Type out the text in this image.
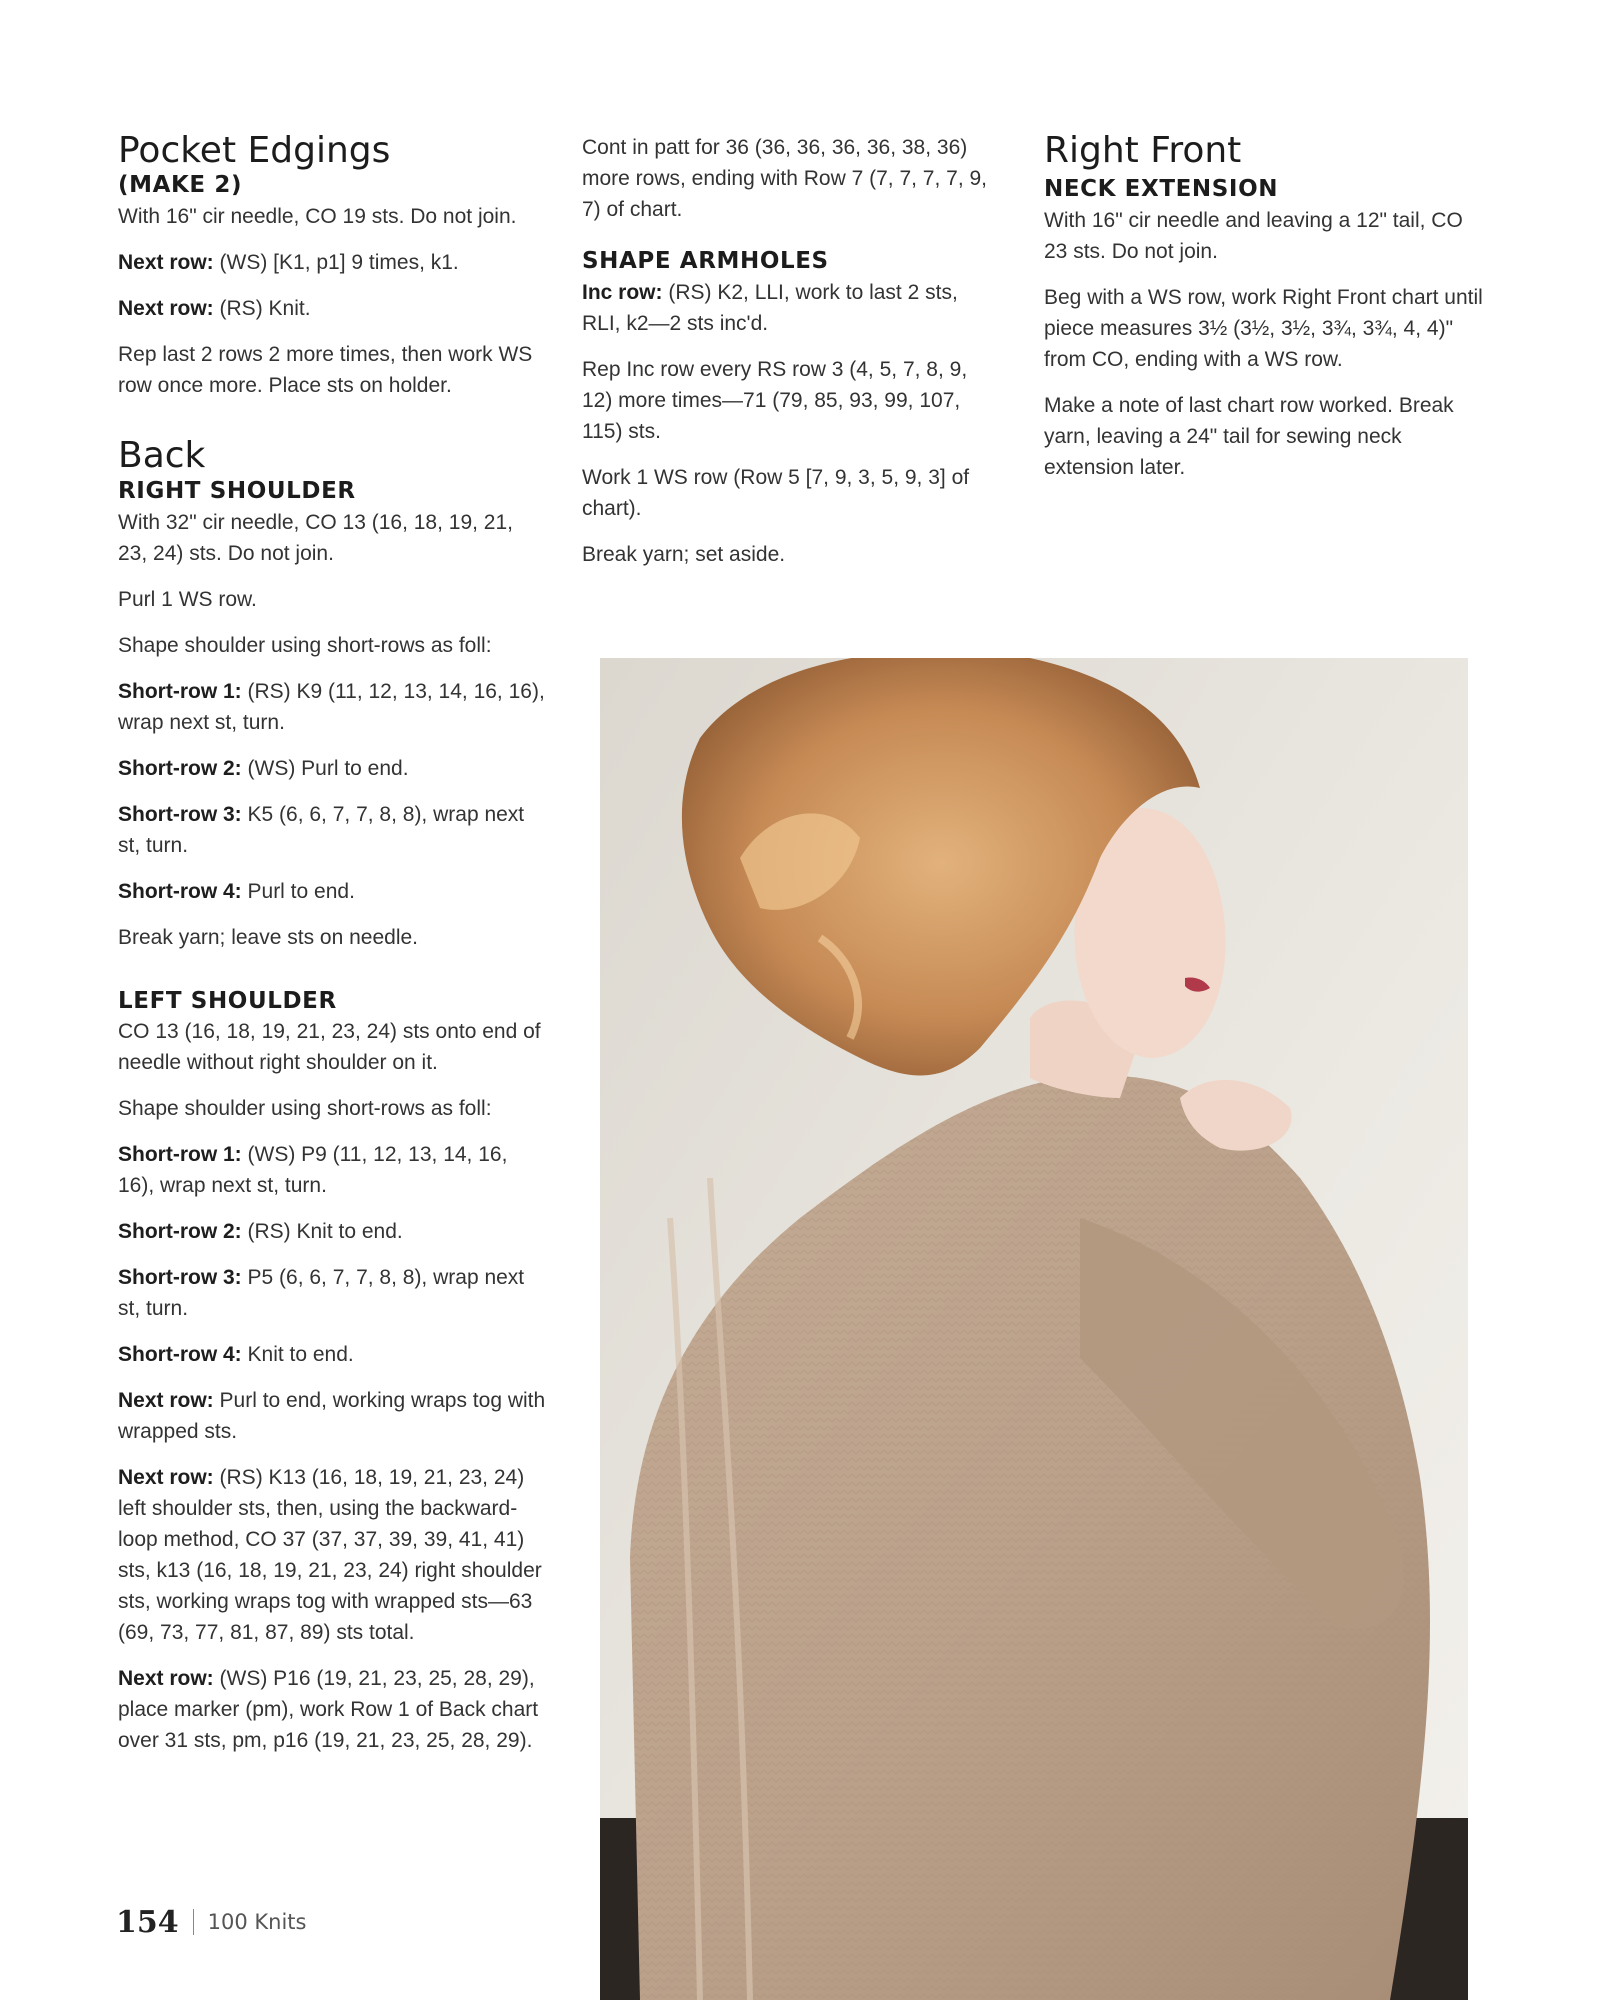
Pocket Edgings
(MAKE 2)

With 16" cir needle, CO 19 sts. Do not join.

Next row: (WS) [K1, p1] 9 times, k1.

Next row: (RS) Knit.

Rep last 2 rows 2 more times, then work WS row once more. Place sts on holder.

Back
RIGHT SHOULDER

With 32" cir needle, CO 13 (16, 18, 19, 21, 23, 24) sts. Do not join.

Purl 1 WS row.

Shape shoulder using short-rows as foll:

Short-row 1: (RS) K9 (11, 12, 13, 14, 16, 16), wrap next st, turn.

Short-row 2: (WS) Purl to end.

Short-row 3: K5 (6, 6, 7, 7, 8, 8), wrap next st, turn.

Short-row 4: Purl to end.

Break yarn; leave sts on needle.

LEFT SHOULDER

CO 13 (16, 18, 19, 21, 23, 24) sts onto end of needle without right shoulder on it.

Shape shoulder using short-rows as foll:

Short-row 1: (WS) P9 (11, 12, 13, 14, 16, 16), wrap next st, turn.

Short-row 2: (RS) Knit to end.

Short-row 3: P5 (6, 6, 7, 7, 8, 8), wrap next st, turn.

Short-row 4: Knit to end.

Next row: Purl to end, working wraps tog with wrapped sts.

Next row: (RS) K13 (16, 18, 19, 21, 23, 24) left shoulder sts, then, using the backward-loop method, CO 37 (37, 37, 39, 39, 41, 41) sts, k13 (16, 18, 19, 21, 23, 24) right shoulder sts, working wraps tog with wrapped sts—63 (69, 73, 77, 81, 87, 89) sts total.

Next row: (WS) P16 (19, 21, 23, 25, 28, 29), place marker (pm), work Row 1 of Back chart over 31 sts, pm, p16 (19, 21, 23, 25, 28, 29).

Cont in patt for 36 (36, 36, 36, 36, 38, 36) more rows, ending with Row 7 (7, 7, 7, 7, 9, 7) of chart.

SHAPE ARMHOLES

Inc row: (RS) K2, LLI, work to last 2 sts, RLI, k2—2 sts inc'd.

Rep Inc row every RS row 3 (4, 5, 7, 8, 9, 12) more times—71 (79, 85, 93, 99, 107, 115) sts.

Work 1 WS row (Row 5 [7, 9, 3, 5, 9, 3] of chart).

Break yarn; set aside.

Right Front
NECK EXTENSION

With 16" cir needle and leaving a 12" tail, CO 23 sts. Do not join.

Beg with a WS row, work Right Front chart until piece measures 3½ (3½, 3½, 3¾, 3¾, 4, 4)" from CO, ending with a WS row.

Make a note of last chart row worked. Break yarn, leaving a 24" tail for sewing neck extension later.

154 100 Knits
